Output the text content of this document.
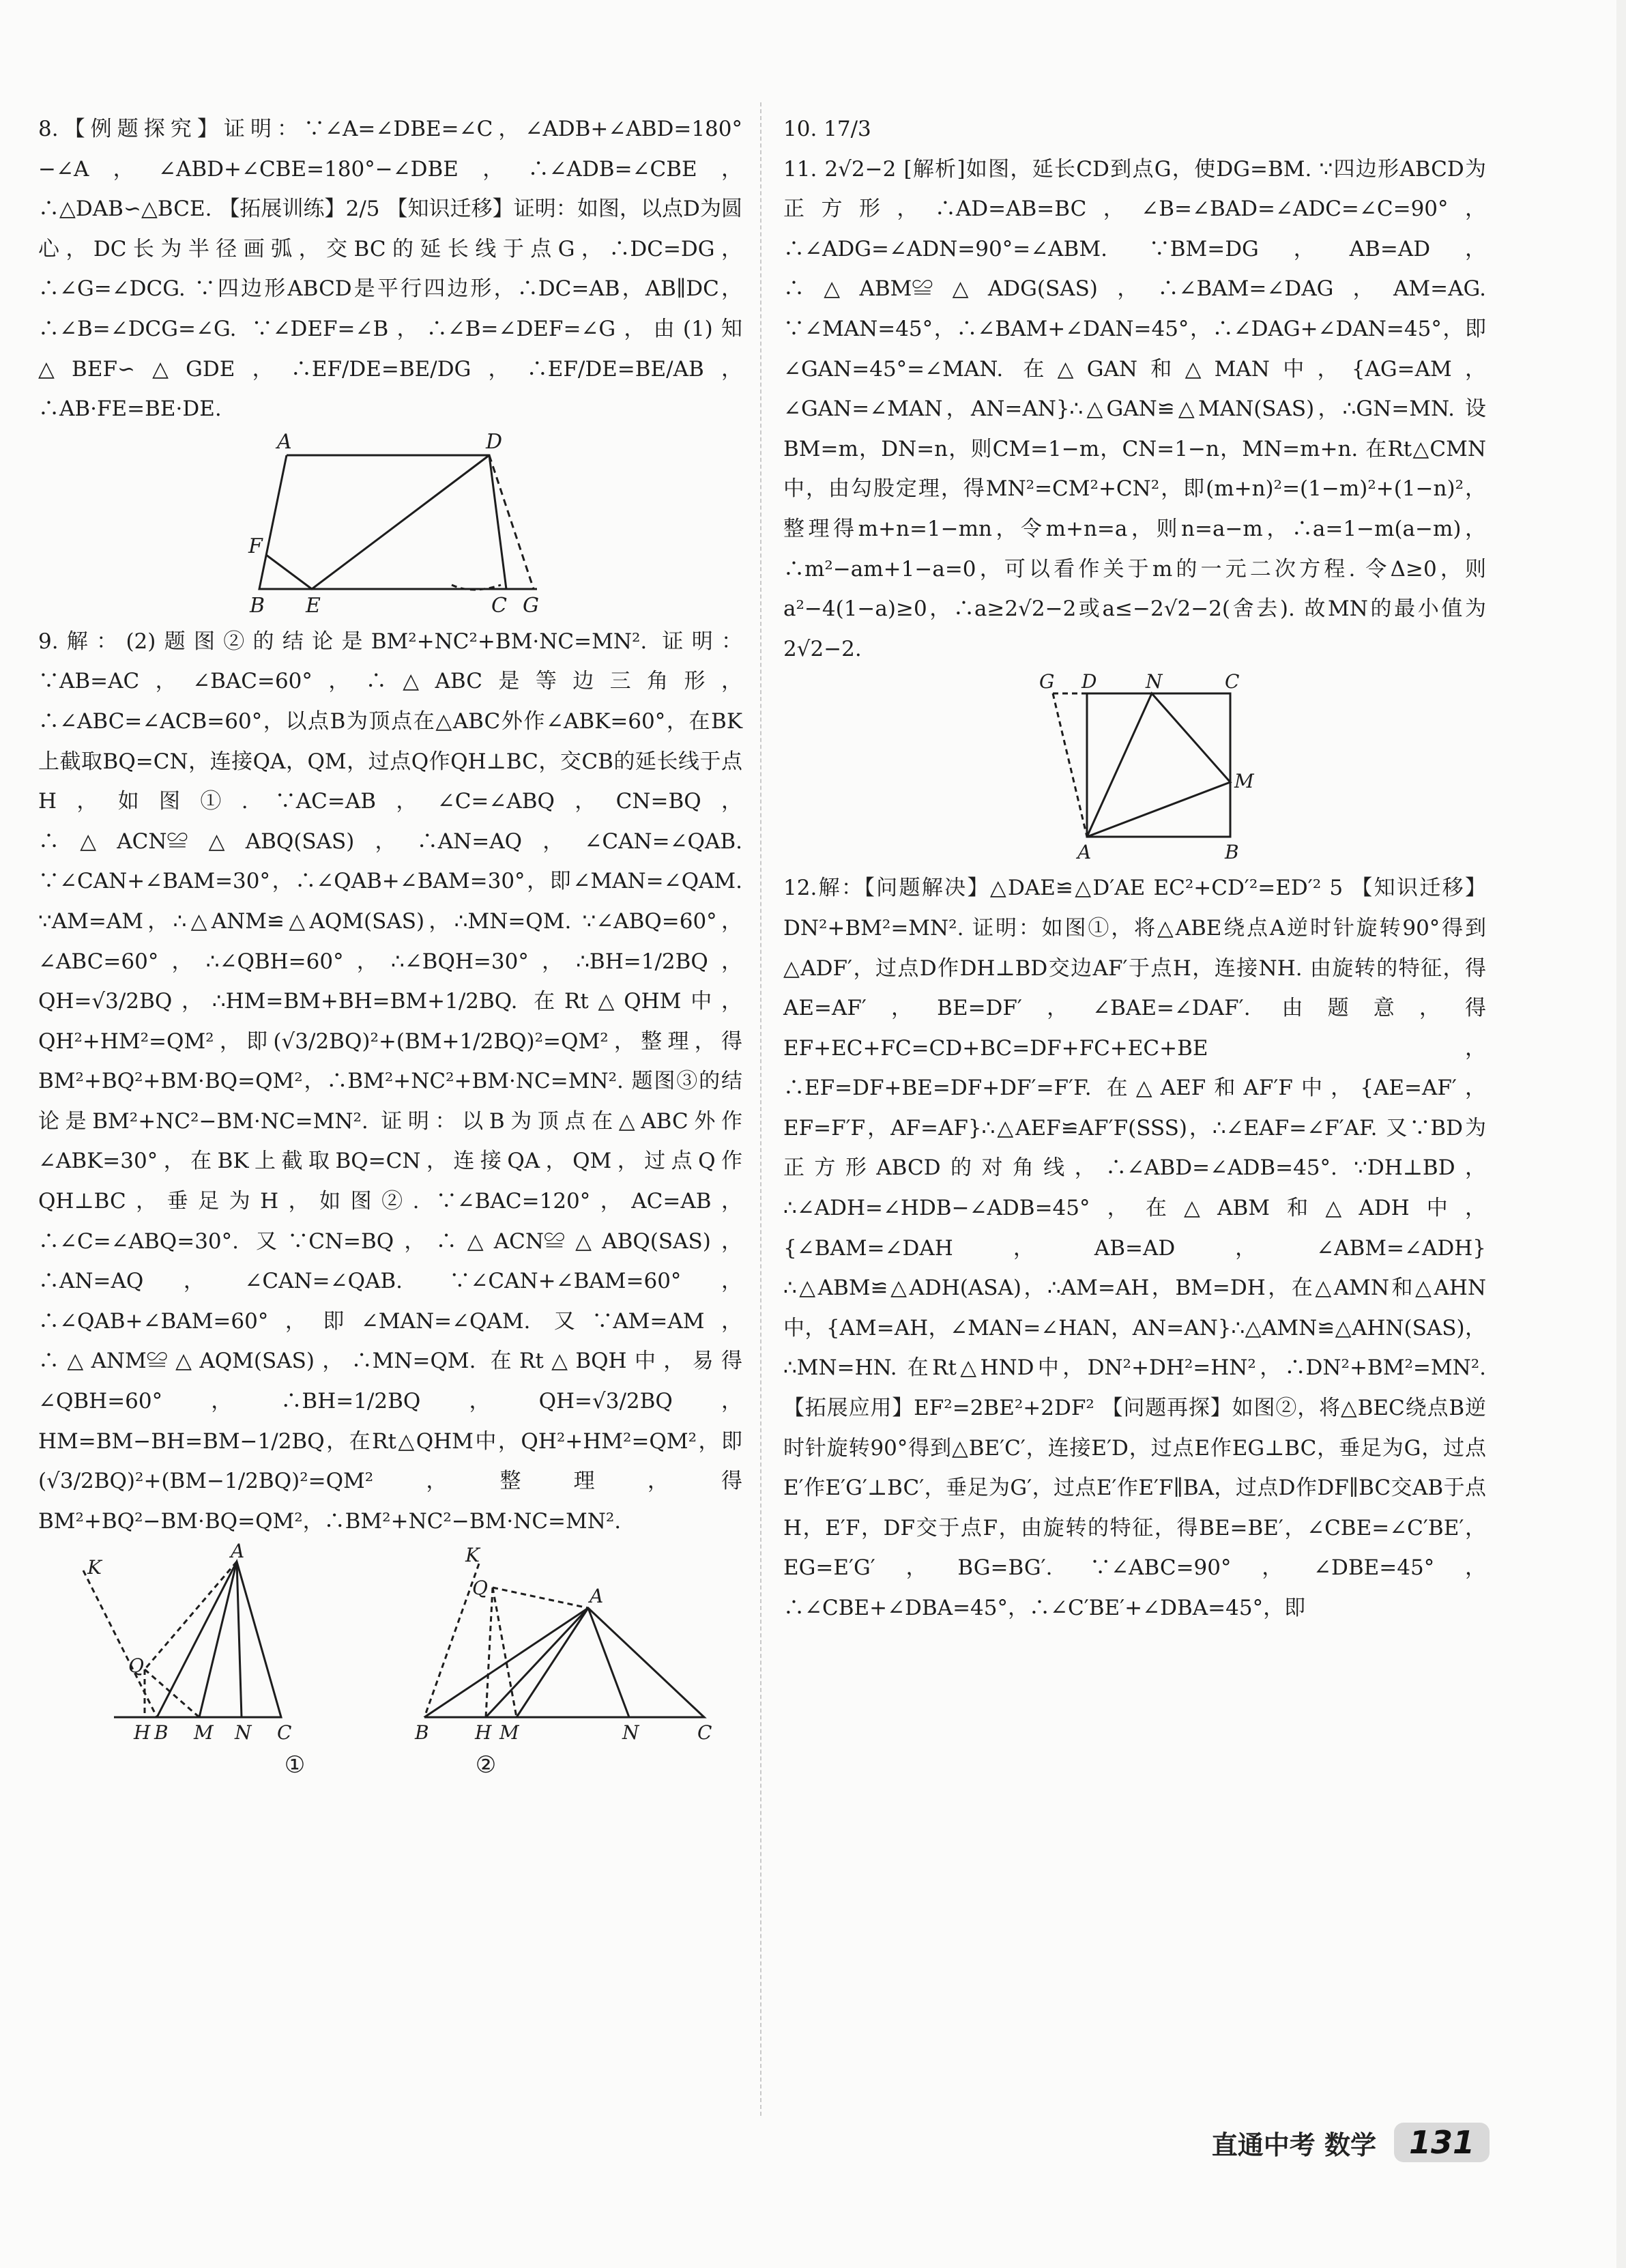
8.【例题探究】证明：∵∠A=∠DBE=∠C，∠ADB+∠ABD=180°−∠A，∠ABD+∠CBE=180°−∠DBE，∴∠ADB=∠CBE，∴△DAB∽△BCE. 【拓展训练】2/5 【知识迁移】证明：如图，以点D为圆心，DC长为半径画弧，交BC的延长线于点G，∴DC=DG，∴∠G=∠DCG. ∵四边形ABCD是平行四边形，∴DC=AB，AB∥DC，∴∠B=∠DCG=∠G. ∵∠DEF=∠B，∴∠B=∠DEF=∠G，由(1)知△BEF∽△GDE，∴EF/DE=BE/DG，∴EF/DE=BE/AB，∴AB·FE=BE·DE.

A	D
F
B E	C G

9.解：(2)题图②的结论是BM²+NC²+BM·NC=MN². 证明：∵AB=AC，∠BAC=60°，∴△ABC是等边三角形，∴∠ABC=∠ACB=60°，以点B为顶点在△ABC外作∠ABK=60°，在BK上截取BQ=CN，连接QA，QM，过点Q作QH⊥BC，交CB的延长线于点H，如图①. ∵AC=AB，∠C=∠ABQ，CN=BQ，∴△ACN≌△ABQ(SAS)，∴AN=AQ，∠CAN=∠QAB. ∵∠CAN+∠BAM=30°，∴∠QAB+∠BAM=30°，即∠MAN=∠QAM. ∵AM=AM，∴△ANM≌△AQM(SAS)，∴MN=QM. ∵∠ABQ=60°，∠ABC=60°，∴∠QBH=60°，∴∠BQH=30°，∴BH=1/2BQ，QH=√3/2BQ，∴HM=BM+BH=BM+1/2BQ. 在Rt△QHM中，QH²+HM²=QM²，即(√3/2BQ)²+(BM+1/2BQ)²=QM²，整理，得BM²+BQ²+BM·BQ=QM²，∴BM²+NC²+BM·NC=MN². 题图③的结论是BM²+NC²−BM·NC=MN². 证明：以B为顶点在△ABC外作∠ABK=30°，在BK上截取BQ=CN，连接QA，QM，过点Q作QH⊥BC，垂足为H，如图②. ∵∠BAC=120°，AC=AB，∴∠C=∠ABQ=30°. 又∵CN=BQ，∴△ACN≌△ABQ(SAS)，∴AN=AQ，∠CAN=∠QAB. ∵∠CAN+∠BAM=60°，∴∠QAB+∠BAM=60°，即∠MAN=∠QAM. 又∵AM=AM，∴△ANM≌△AQM(SAS)，∴MN=QM. 在Rt△BQH中，易得∠QBH=60°，∴BH=1/2BQ，QH=√3/2BQ，HM=BM−BH=BM−1/2BQ，在Rt△QHM中，QH²+HM²=QM²，即(√3/2BQ)²+(BM−1/2BQ)²=QM²，整理，得BM²+BQ²−BM·BQ=QM²，∴BM²+NC²−BM·NC=MN².

K
A
Q
H B M N C
K
Q	A
B H M	N	C
①	②

10. 17/3

11. 2√2−2 [解析]如图，延长CD到点G，使DG=BM. ∵四边形ABCD为正方形，∴AD=AB=BC，∠B=∠BAD=∠ADC=∠C=90°，∴∠ADG=∠ADN=90°=∠ABM. ∵BM=DG，AB=AD，∴△ABM≌△ADG(SAS)，∴∠BAM=∠DAG，AM=AG. ∵∠MAN=45°，∴∠BAM+∠DAN=45°，∴∠DAG+∠DAN=45°，即∠GAN=45°=∠MAN. 在△GAN和△MAN中，{AG=AM，∠GAN=∠MAN，AN=AN}∴△GAN≌△MAN(SAS)，∴GN=MN. 设BM=m，DN=n，则CM=1−m，CN=1−n，MN=m+n. 在Rt△CMN中，由勾股定理，得MN²=CM²+CN²，即(m+n)²=(1−m)²+(1−n)²，整理得m+n=1−mn，令m+n=a，则n=a−m，∴a=1−m(a−m)，∴m²−am+1−a=0，可以看作关于m的一元二次方程. 令Δ≥0，则a²−4(1−a)≥0，∴a≥2√2−2或a≤−2√2−2(舍去). 故MN的最小值为2√2−2.

G D	N	C
M
A	B

12.解：【问题解决】△DAE≌△D′AE EC²+CD′²=ED′² 5 【知识迁移】DN²+BM²=MN². 证明：如图①，将△ABE绕点A逆时针旋转90°得到△ADF′，过点D作DH⊥BD交边AF′于点H，连接NH. 由旋转的特征，得AE=AF′，BE=DF′，∠BAE=∠DAF′. 由题意，得EF+EC+FC=CD+BC=DF+FC+EC+BE，∴EF=DF+BE=DF+DF′=F′F. 在△AEF和AF′F中，{AE=AF′，EF=F′F，AF=AF}∴△AEF≌AF′F(SSS)，∴∠EAF=∠F′AF. 又∵BD为正方形ABCD的对角线，∴∠ABD=∠ADB=45°. ∵DH⊥BD，∴∠ADH=∠HDB−∠ADB=45°，在△ABM和△ADH中，{∠BAM=∠DAH，AB=AD，∠ABM=∠ADH}∴△ABM≌△ADH(ASA)，∴AM=AH，BM=DH，在△AMN和△AHN中，{AM=AH，∠MAN=∠HAN，AN=AN}∴△AMN≌△AHN(SAS)，∴MN=HN. 在Rt△HND中，DN²+DH²=HN²，∴DN²+BM²=MN². 【拓展应用】EF²=2BE²+2DF² 【问题再探】如图②，将△BEC绕点B逆时针旋转90°得到△BE′C′，连接E′D，过点E作EG⊥BC，垂足为G，过点E′作E′G′⊥BC′，垂足为G′，过点E′作E′F∥BA，过点D作DF∥BC交AB于点H，E′F，DF交于点F，由旋转的特征，得BE=BE′，∠CBE=∠C′BE′，EG=E′G′，BG=BG′. ∵∠ABC=90°，∠DBE=45°，∴∠CBE+∠DBA=45°，∴∠C′BE′+∠DBA=45°，即

直通中考 数学	131
